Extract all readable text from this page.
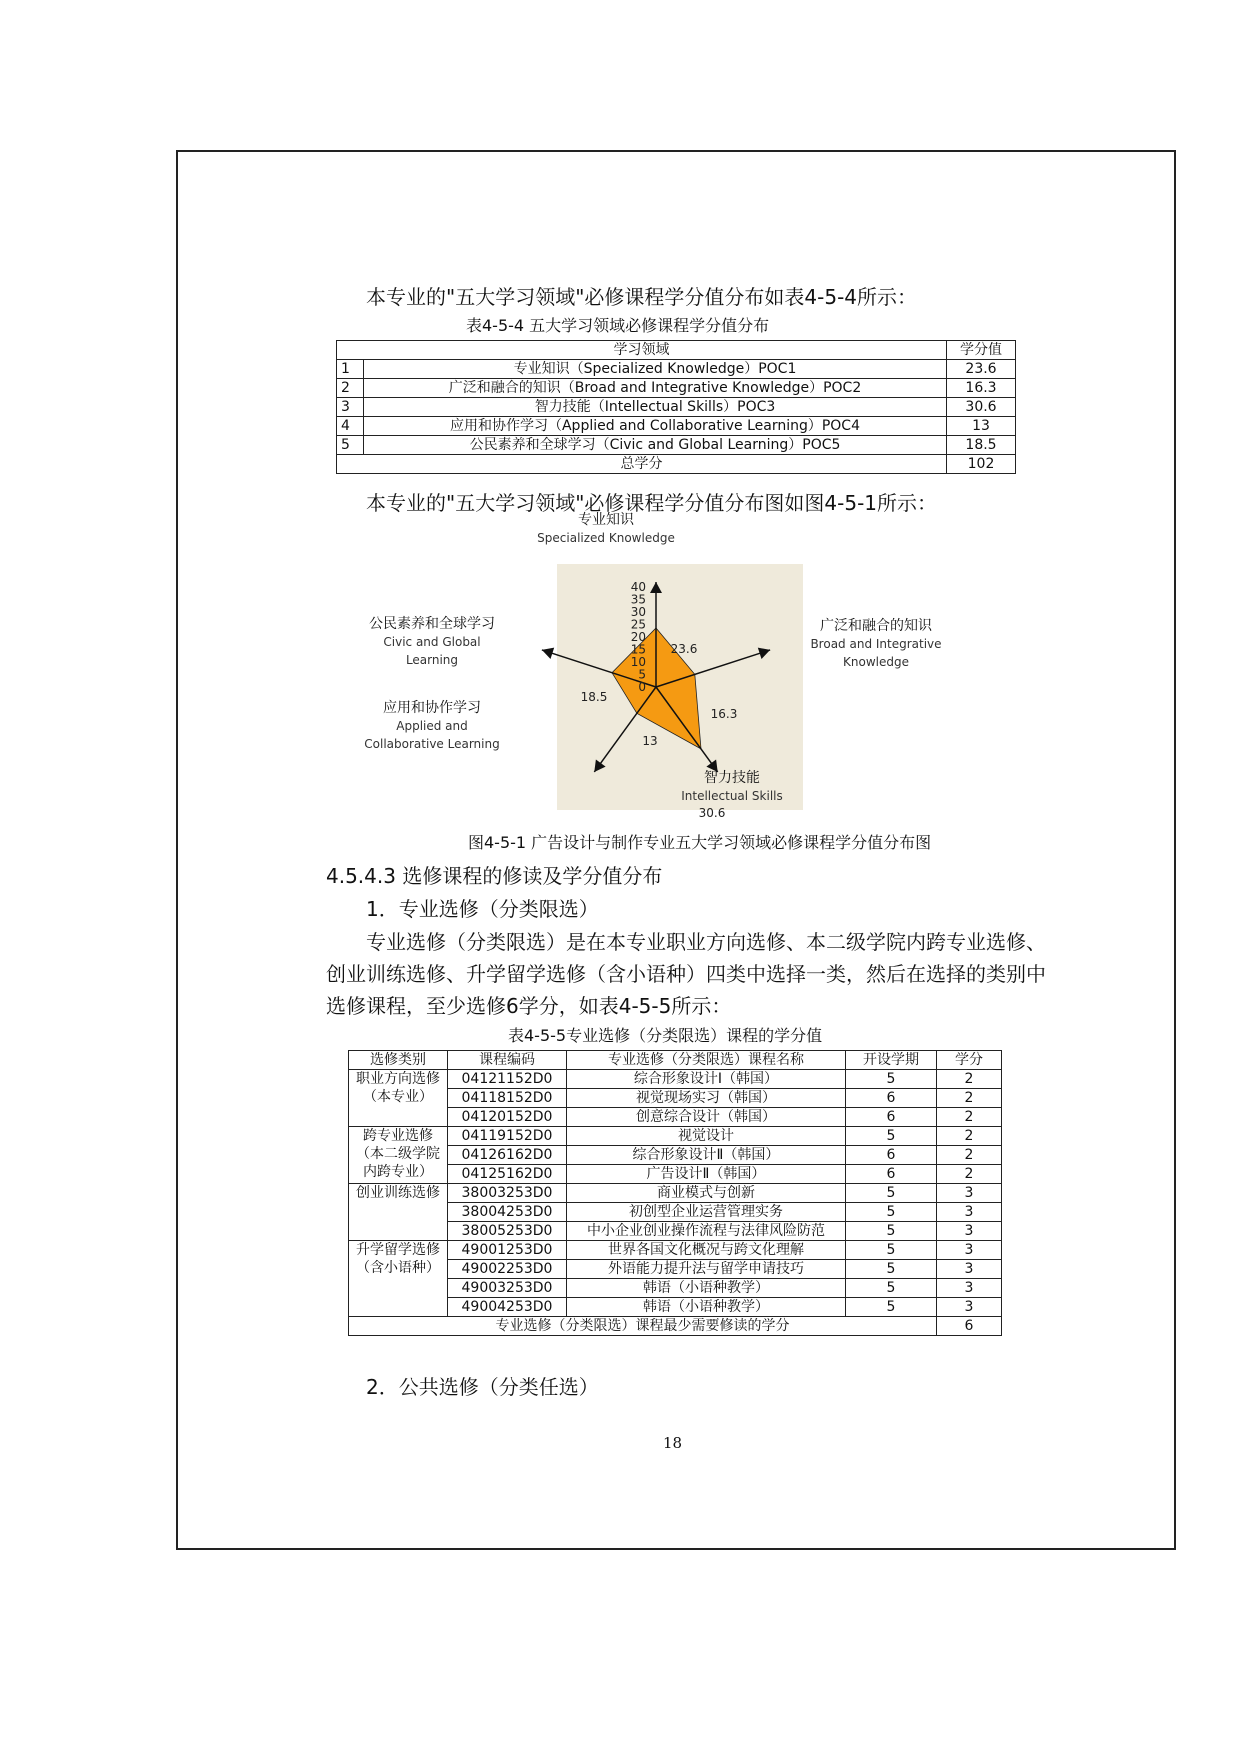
本专业的"五大学习领域"必修课程学分值分布如表4-5-4所示：
表4-5-4 五大学习领域必修课程学分值分布
学习领域		学分值
1	专业知识（Specialized Knowledge）POC1	23.6
2	广泛和融合的知识（Broad and Integrative Knowledge）POC2	16.3
3	智力技能（Intellectual Skills）POC3	30.6
4	应用和协作学习（Applied and Collaborative Learning）POC4	13
5	公民素养和全球学习（Civic and Global Learning）POC5	18.5
总学分		102
本专业的"五大学习领域"必修课程学分值分布图如图4-5-1所示：
40
35
30
25
20
15
10
5
0
23.6
16.3
30.6
13
18.5
专业知识
Specialized Knowledge
广泛和融合的知识
Broad and Integrative
Knowledge
智力技能
Intellectual Skills
应用和协作学习
Applied and
Collaborative Learning
公民素养和全球学习
Civic and Global
Learning
图4-5-1 广告设计与制作专业五大学习领域必修课程学分值分布图
4.5.4.3 选修课程的修读及学分值分布
1．专业选修（分类限选）
专业选修（分类限选）是在本专业职业方向选修、本二级学院内跨专业选修、
创业训练选修、升学留学选修（含小语种）四类中选择一类，然后在选择的类别中
选修课程，至少选修6学分，如表4-5-5所示：
表4-5-5专业选修（分类限选）课程的学分值
选修类别	课程编码	专业选修（分类限选）课程名称	开设学期	学分
职业方向选修（本专业）	04121152D0	综合形象设计Ⅰ（韩国）	5	2
	04118152D0	视觉现场实习（韩国）	6	2
	04120152D0	创意综合设计（韩国）	6	2
跨专业选修（本二级学院内跨专业）	04119152D0	视觉设计	5	2
	04126162D0	综合形象设计Ⅱ（韩国）	6	2
	04125162D0	广告设计Ⅱ（韩国）	6	2
创业训练选修	38003253D0	商业模式与创新	5	3
	38004253D0	初创型企业运营管理实务	5	3
	38005253D0	中小企业创业操作流程与法律风险防范	5	3
升学留学选修（含小语种）	49001253D0	世界各国文化概况与跨文化理解	5	3
	49002253D0	外语能力提升法与留学申请技巧	5	3
	49003253D0	韩语（小语种教学）	5	3
	49004253D0	韩语（小语种教学）	5	3
专业选修（分类限选）课程最少需要修读的学分				6
2．公共选修（分类任选）
18
